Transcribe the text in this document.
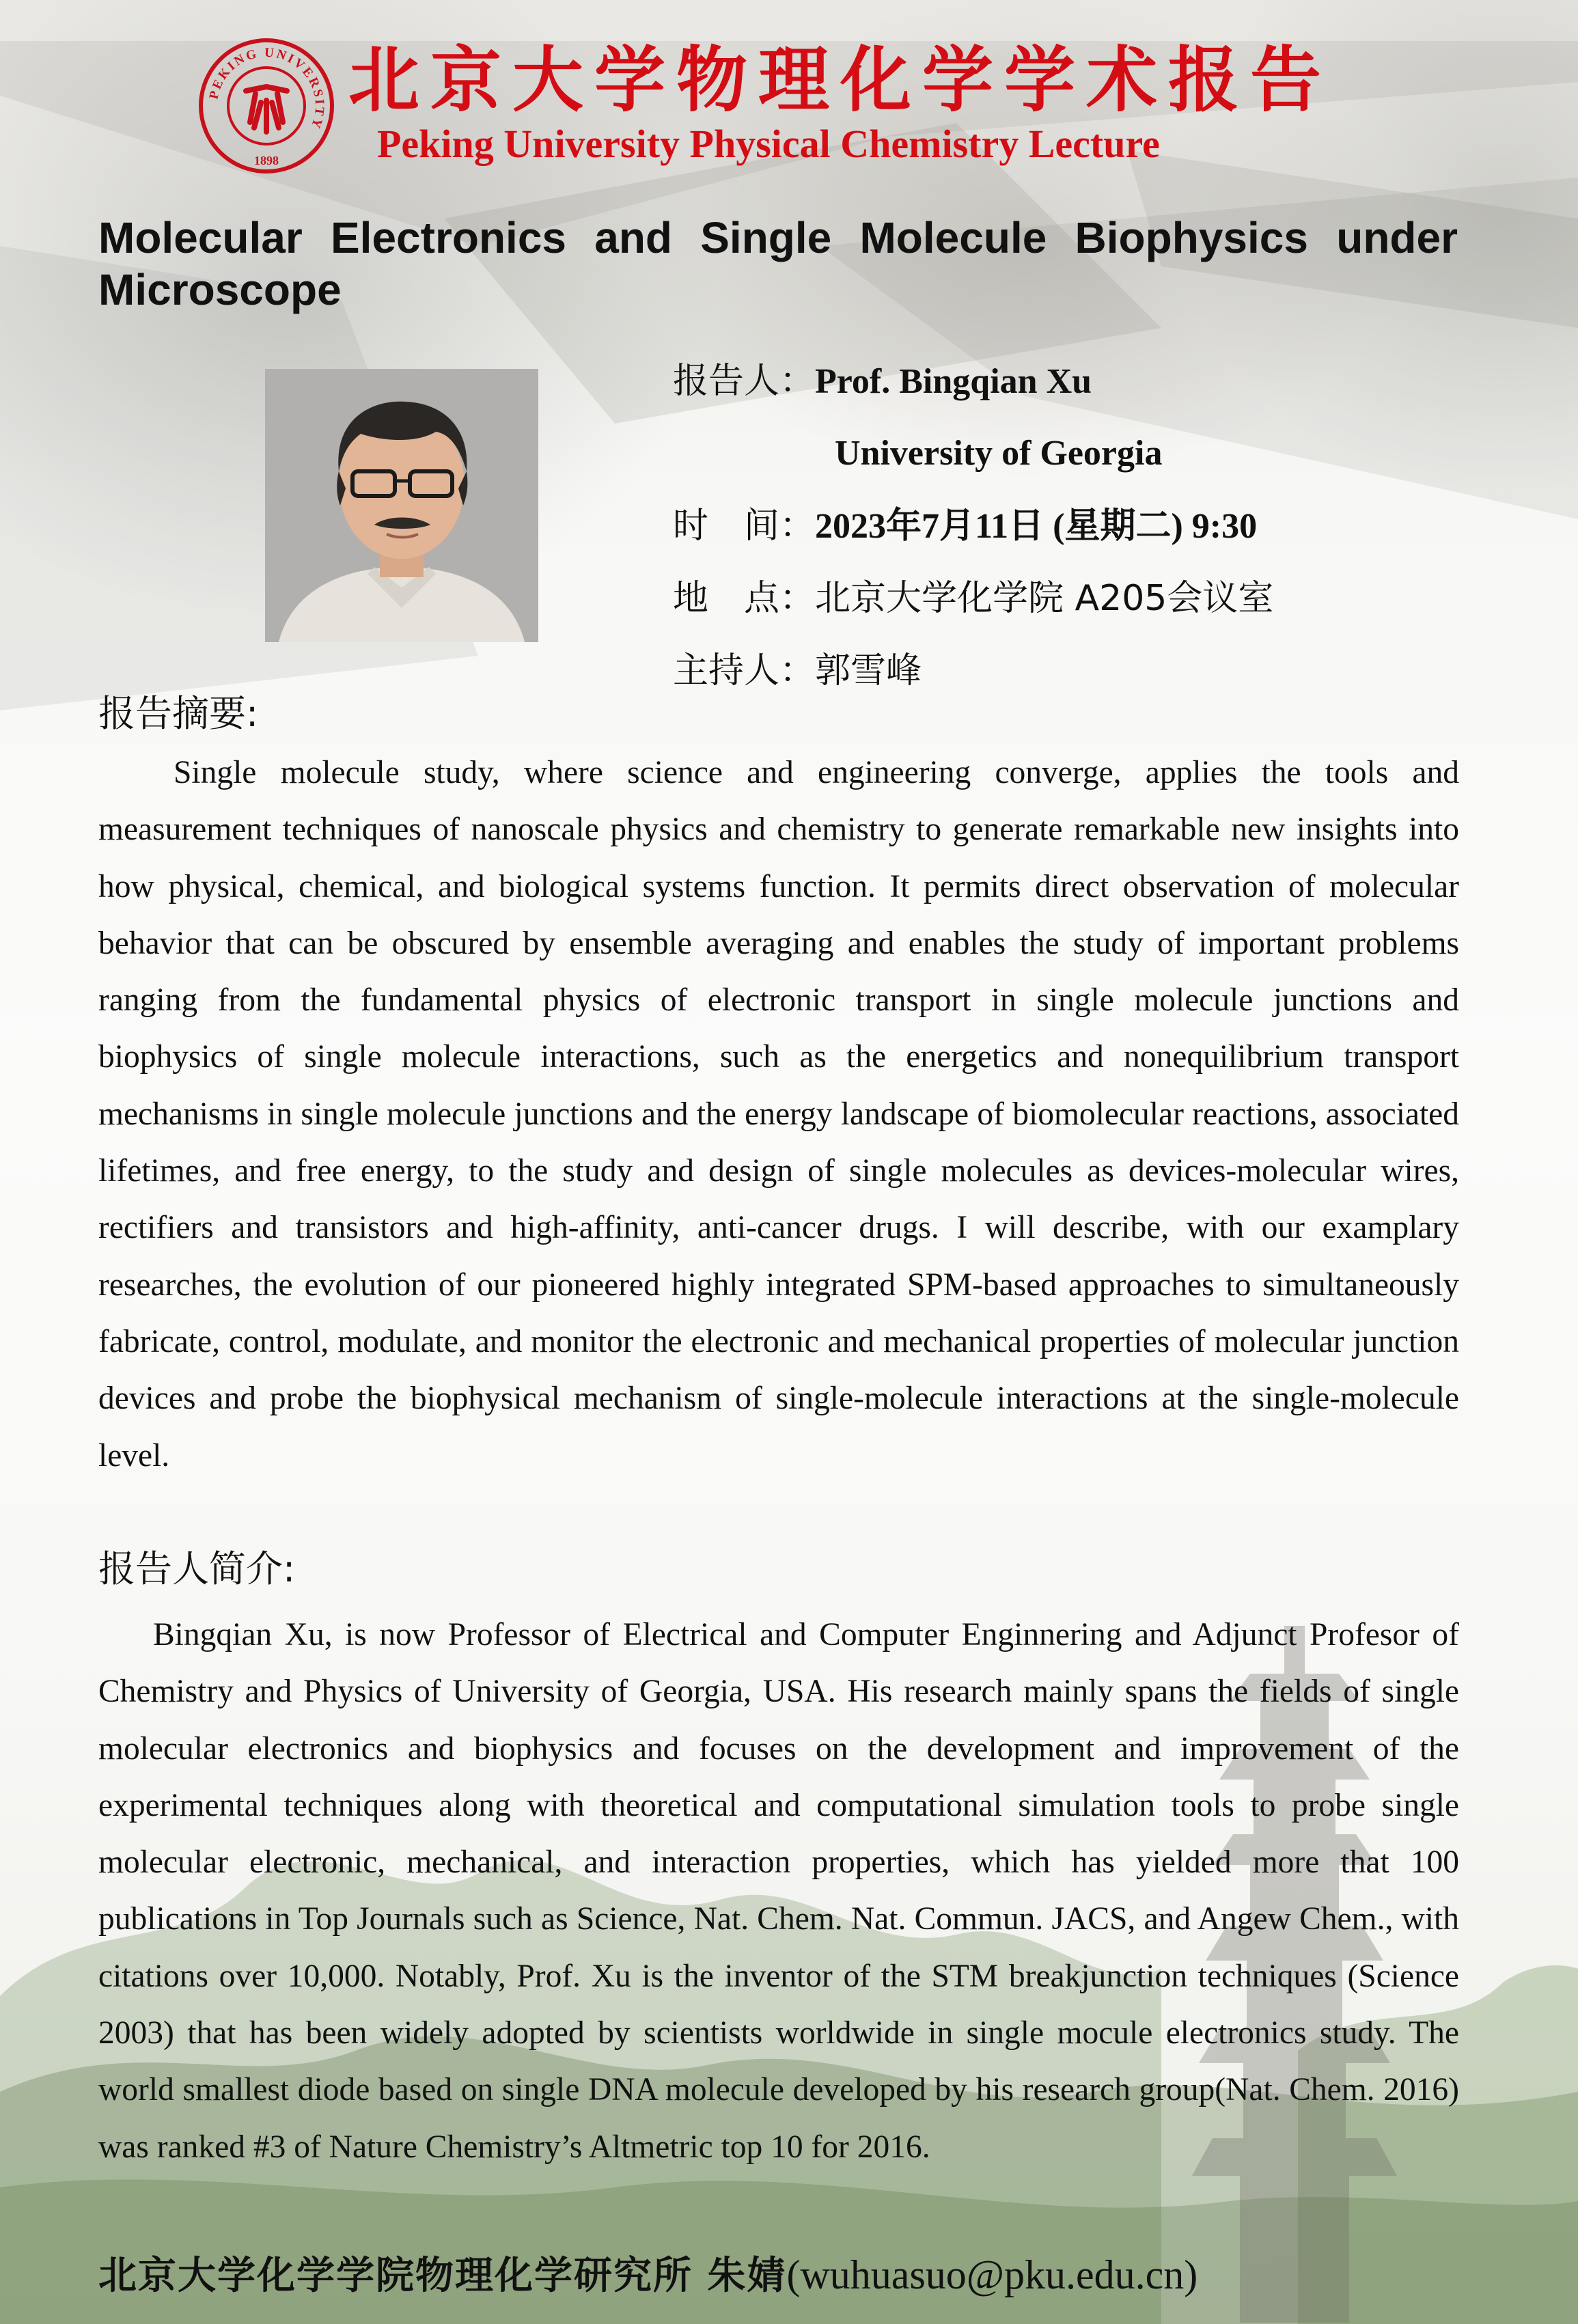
PEKING UNIVERSITY
1898
北京大学物理化学学术报告
Peking University Physical Chemistry Lecture
Molecular Electronics and Single Molecule Biophysics under Microscope
报告人：Prof. Bingqian Xu
University of Georgia
时　间：2023年7月11日 (星期二) 9:30
地　点：北京大学化学院 A205会议室
主持人：郭雪峰
报告摘要:
Single molecule study, where science and engineering converge, applies the tools and measurement techniques of nanoscale physics and chemistry to generate remarkable new insights into how physical, chemical, and biological systems function. It permits direct observation of molecular behavior that can be obscured by ensemble averaging and enables the study of important problems ranging from the fundamental physics of electronic transport in single molecule junctions and biophysics of single molecule interactions, such as the energetics and nonequilibrium transport mechanisms in single molecule junctions and the energy landscape of biomolecular reactions, associated lifetimes, and free energy, to the study and design of single molecules as devices-molecular wires, rectifiers and transistors and high-affinity, anti-cancer drugs. I will describe, with our examplary researches, the evolution of our pioneered highly integrated SPM-based approaches to simultaneously fabricate, control, modulate, and monitor the electronic and mechanical properties of molecular junction devices and probe the biophysical mechanism of single-molecule interactions at the single-molecule level.
报告人简介:
Bingqian Xu, is now Professor of Electrical and Computer Enginnering and Adjunct Profesor of Chemistry and Physics of University of Georgia, USA. His research mainly spans the fields of single molecular electronics and biophysics and focuses on the development and improvement of the experimental techniques along with theoretical and computational simulation tools to probe single molecular electronic, mechanical, and interaction properties, which has yielded more that 100 publications in Top Journals such as Science, Nat. Chem. Nat. Commun. JACS, and Angew Chem., with citations over 10,000. Notably, Prof. Xu is the inventor of the STM breakjunction techniques (Science 2003) that has been widely adopted by scientists worldwide in single mocule electronics study. The world smallest diode based on single DNA molecule developed by his research group(Nat. Chem. 2016) was ranked #3 of Nature Chemistry’s Altmetric top 10 for 2016.
北京大学化学学院物理化学研究所 朱婧(wuhuasuo@pku.edu.cn)
